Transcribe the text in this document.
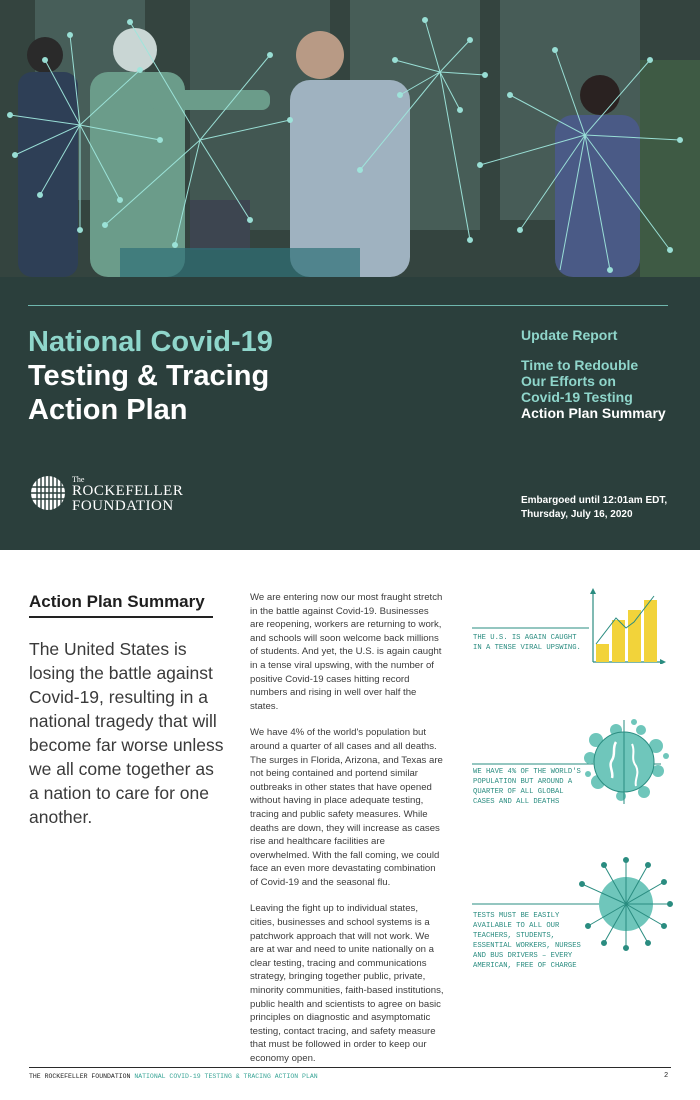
National Covid-19
Testing & Tracing
Action Plan
Update Report
Time to Redouble
Our Efforts on
Covid-19 Testing
Action Plan Summary
The
ROCKEFELLER
FOUNDATION	Embargoed until 12:01am EDT,
Thursday, July 16, 2020
Action Plan Summary
The United States is losing the battle against Covid-19, resulting in a national tragedy that will become far worse unless we all come together as a nation to care for one another.

We are entering now our most fraught stretch in the battle against Covid-19. Businesses are reopening, workers are returning to work, and schools will soon welcome back millions of students. And yet, the U.S. is again caught in a tense viral upswing, with the number of positive Covid-19 cases hitting record numbers and rising in well over half the states.

We have 4% of the world's population but around a quarter of all cases and all deaths. The surges in Florida, Arizona, and Texas are not being contained and portend similar outbreaks in other states that have opened without having in place adequate testing, tracing and public safety measures. While deaths are down, they will increase as cases rise and healthcare facilities are overwhelmed. With the fall coming, we could face an even more devastating combination of Covid-19 and the seasonal flu.

Leaving the fight up to individual states, cities, businesses and school systems is a patchwork approach that will not work. We are at war and need to unite nationally on a clear testing, tracing and communications strategy, bringing together public, private, minority communities, faith-based institutions, public health and scientists to agree on basic principles on diagnostic and asymptomatic testing, contact tracing, and safety measure that must be followed in order to keep our economy open.

THE U.S. IS AGAIN CAUGHT IN A TENSE VIRAL UPSWING.
WE HAVE 4% OF THE WORLD'S POPULATION BUT AROUND A QUARTER OF ALL GLOBAL CASES AND ALL DEATHS
TESTS MUST BE EASILY AVAILABLE TO ALL OUR TEACHERS, STUDENTS, ESSENTIAL WORKERS, NURSES AND BUS DRIVERS – EVERY AMERICAN, FREE OF CHARGE
THE ROCKEFELLER FOUNDATION NATIONAL COVID-19 TESTING & TRACING ACTION PLAN	2
